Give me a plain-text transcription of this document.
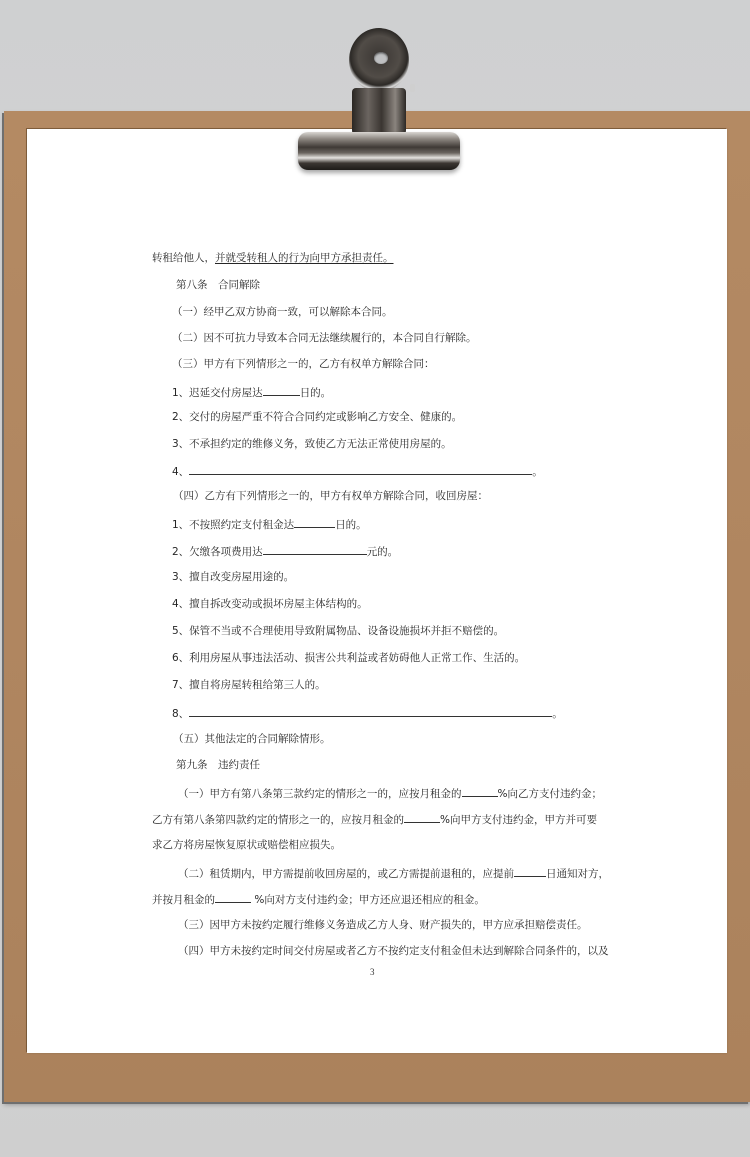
转租给他人，并就受转租人的行为向甲方承担责任。
第八条　合同解除
（一）经甲乙双方协商一致，可以解除本合同。
（二）因不可抗力导致本合同无法继续履行的，本合同自行解除。
（三）甲方有下列情形之一的，乙方有权单方解除合同：
1、迟延交付房屋达	日的。
2、交付的房屋严重不符合合同约定或影响乙方安全、健康的。
3、不承担约定的维修义务，致使乙方无法正常使用房屋的。
4、	。
（四）乙方有下列情形之一的，甲方有权单方解除合同，收回房屋：
1、不按照约定支付租金达	日的。
2、欠缴各项费用达	元的。
3、擅自改变房屋用途的。
4、擅自拆改变动或损坏房屋主体结构的。
5、保管不当或不合理使用导致附属物品、设备设施损坏并拒不赔偿的。
6、利用房屋从事违法活动、损害公共利益或者妨碍他人正常工作、生活的。
7、擅自将房屋转租给第三人的。
8、	。
（五）其他法定的合同解除情形。
第九条　违约责任
（一）甲方有第八条第三款约定的情形之一的，应按月租金的	%向乙方支付违约金；
乙方有第八条第四款约定的情形之一的，应按月租金的	%向甲方支付违约金，甲方并可要
求乙方将房屋恢复原状或赔偿相应损失。
（二）租赁期内，甲方需提前收回房屋的，或乙方需提前退租的，应提前	日通知对方，
并按月租金的	%向对方支付违约金；甲方还应退还相应的租金。
（三）因甲方未按约定履行维修义务造成乙方人身、财产损失的，甲方应承担赔偿责任。
（四）甲方未按约定时间交付房屋或者乙方不按约定支付租金但未达到解除合同条件的，以及
3
